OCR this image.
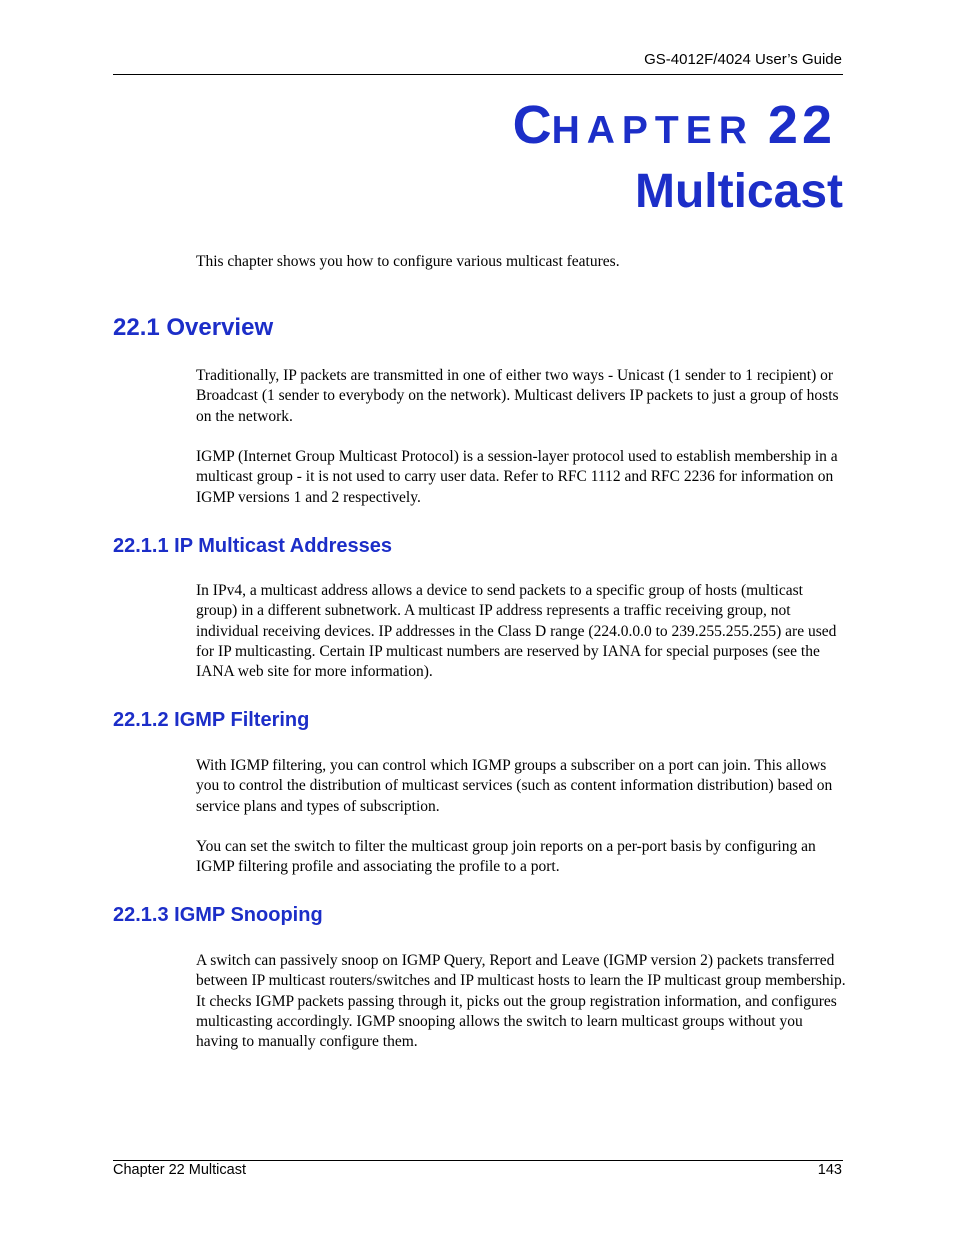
GS-4012F/4024 User’s Guide
CHAPTER 22
Multicast

This chapter shows you how to configure various multicast features.

22.1 Overview

Traditionally, IP packets are transmitted in one of either two ways - Unicast (1 sender to 1 recipient) or Broadcast (1 sender to everybody on the network). Multicast delivers IP packets to just a group of hosts on the network.

IGMP (Internet Group Multicast Protocol) is a session-layer protocol used to establish membership in a multicast group - it is not used to carry user data. Refer to RFC 1112 and RFC 2236 for information on IGMP versions 1 and 2 respectively.

22.1.1 IP Multicast Addresses

In IPv4, a multicast address allows a device to send packets to a specific group of hosts (multicast group) in a different subnetwork. A multicast IP address represents a traffic receiving group, not individual receiving devices. IP addresses in the Class D range (224.0.0.0 to 239.255.255.255) are used for IP multicasting. Certain IP multicast numbers are reserved by IANA for special purposes (see the IANA web site for more information).

22.1.2 IGMP Filtering

With IGMP filtering, you can control which IGMP groups a subscriber on a port can join. This allows you to control the distribution of multicast services (such as content information distribution) based on service plans and types of subscription.

You can set the switch to filter the multicast group join reports on a per-port basis by configuring an IGMP filtering profile and associating the profile to a port.

22.1.3 IGMP Snooping

A switch can passively snoop on IGMP Query, Report and Leave (IGMP version 2) packets transferred between IP multicast routers/switches and IP multicast hosts to learn the IP multicast group membership. It checks IGMP packets passing through it, picks out the group registration information, and configures multicasting accordingly. IGMP snooping allows the switch to learn multicast groups without you having to manually configure them.

Chapter 22 Multicast	143
